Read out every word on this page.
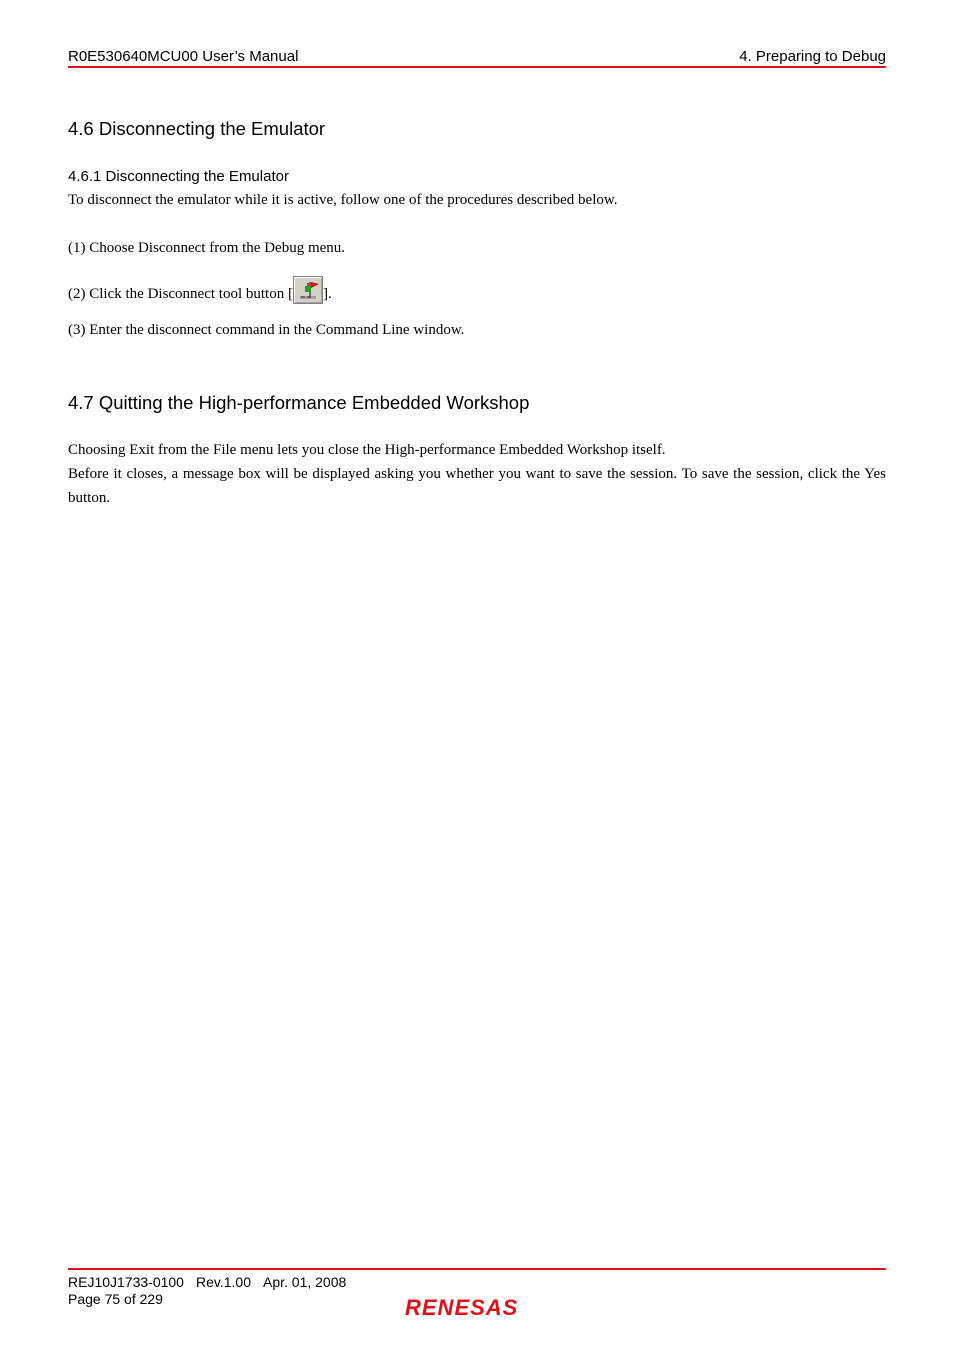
R0E530640MCU00 User’s Manual	4. Preparing to Debug
4.6 Disconnecting the Emulator
4.6.1 Disconnecting the Emulator
To disconnect the emulator while it is active, follow one of the procedures described below.
(1) Choose Disconnect from the Debug menu.
(2) Click the Disconnect tool button [ ].
(3) Enter the disconnect command in the Command Line window.
4.7 Quitting the High-performance Embedded Workshop
Choosing Exit from the File menu lets you close the High-performance Embedded Workshop itself.
Before it closes, a message box will be displayed asking you whether you want to save the session. To save the session, click the Yes button.
REJ10J1733-0100 Rev.1.00 Apr. 01, 2008
Page 75 of 229	RENESAS
